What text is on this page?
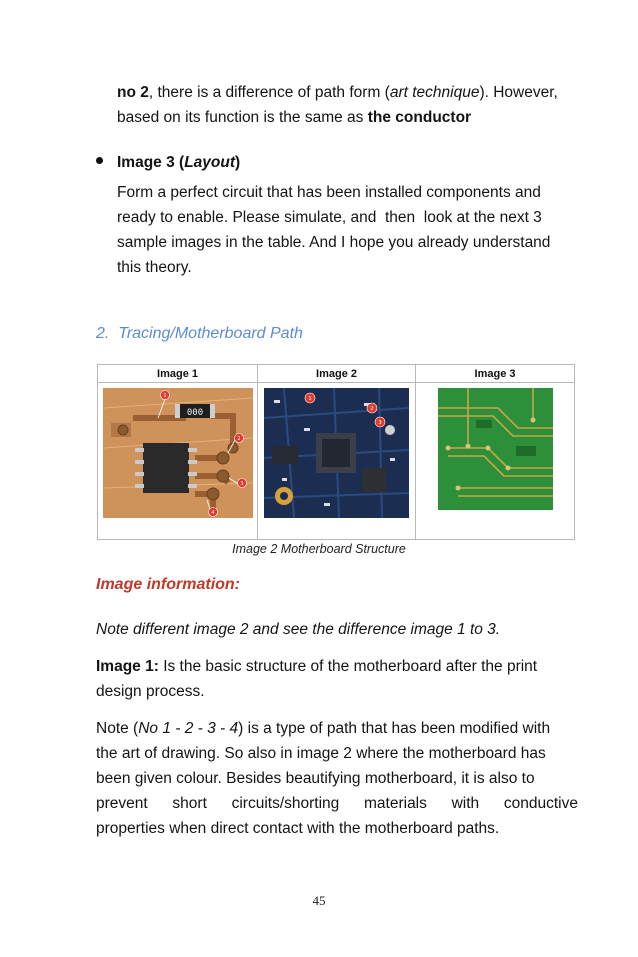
no 2, there is a difference of path form (art technique). However,
based on its function is the same as the conductor
Image 3 (Layout)
Form a perfect circuit that has been installed components and
ready to enable. Please simulate, and  then  look at the next 3
sample images in the table. And I hope you already understand
this theory.
2.  Tracing/Motherboard Path
Image 1	Image 2	Image 3

000
1
2
3
4	1
2
3

Image 2 Motherboard Structure
Image information:
Note different image 2 and see the difference image 1 to 3.
Image 1: Is the basic structure of the motherboard after the print
design process.
Note (No 1 - 2 - 3 - 4) is a type of path that has been modified with
the art of drawing. So also in image 2 where the motherboard has
been given colour. Besides beautifying motherboard, it is also to
prevent short circuits/shorting materials with conductive
properties when direct contact with the motherboard paths.
45
